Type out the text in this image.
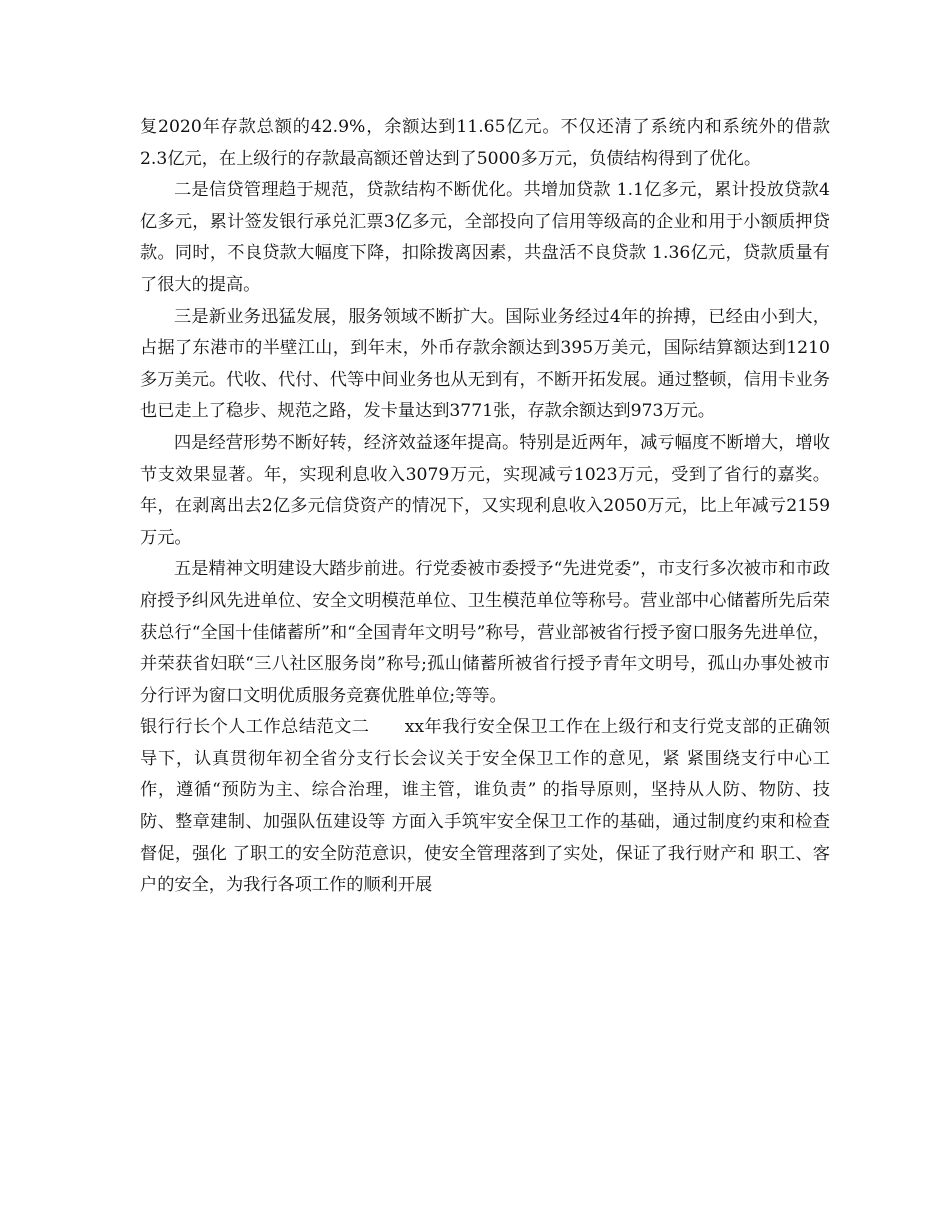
复2020年存款总额的42.9%，余额达到11.65亿元。不仅还清了系统内和系统外的借款2.3亿元，在上级行的存款最高额还曾达到了5000多万元，负债结构得到了优化。

二是信贷管理趋于规范，贷款结构不断优化。共增加贷款 1.1亿多元，累计投放贷款4亿多元，累计签发银行承兑汇票3亿多元，全部投向了信用等级高的企业和用于小额质押贷款。同时，不良贷款大幅度下降，扣除拨离因素，共盘活不良贷款 1.36亿元，贷款质量有了很大的提高。

三是新业务迅猛发展，服务领域不断扩大。国际业务经过4年的拚搏，已经由小到大，占据了东港市的半壁江山，到年末，外币存款余额达到395万美元，国际结算额达到1210多万美元。代收、代付、代等中间业务也从无到有，不断开拓发展。通过整顿，信用卡业务也已走上了稳步、规范之路，发卡量达到3771张，存款余额达到973万元。

四是经营形势不断好转，经济效益逐年提高。特别是近两年，减亏幅度不断增大，增收节支效果显著。年，实现利息收入3079万元，实现减亏1023万元，受到了省行的嘉奖。年，在剥离出去2亿多元信贷资产的情况下，又实现利息收入2050万元，比上年减亏2159万元。

五是精神文明建设大踏步前进。行党委被市委授予“先进党委”，市支行多次被市和市政府授予纠风先进单位、安全文明模范单位、卫生模范单位等称号。营业部中心储蓄所先后荣获总行“全国十佳储蓄所”和“全国青年文明号”称号，营业部被省行授予窗口服务先进单位，并荣获省妇联“三八社区服务岗”称号;孤山储蓄所被省行授予青年文明号，孤山办事处被市分行评为窗口文明优质服务竞赛优胜单位;等等。

银行行长个人工作总结范文二　　xx年我行安全保卫工作在上级行和支行党支部的正确领 导下，认真贯彻年初全省分支行长会议关于安全保卫工作的意见，紧 紧围绕支行中心工作，遵循“预防为主、综合治理，谁主管，谁负责” 的指导原则，坚持从人防、物防、技防、整章建制、加强队伍建设等 方面入手筑牢安全保卫工作的基础，通过制度约束和检查督促，强化 了职工的安全防范意识，使安全管理落到了实处，保证了我行财产和 职工、客户的安全，为我行各项工作的顺利开展
